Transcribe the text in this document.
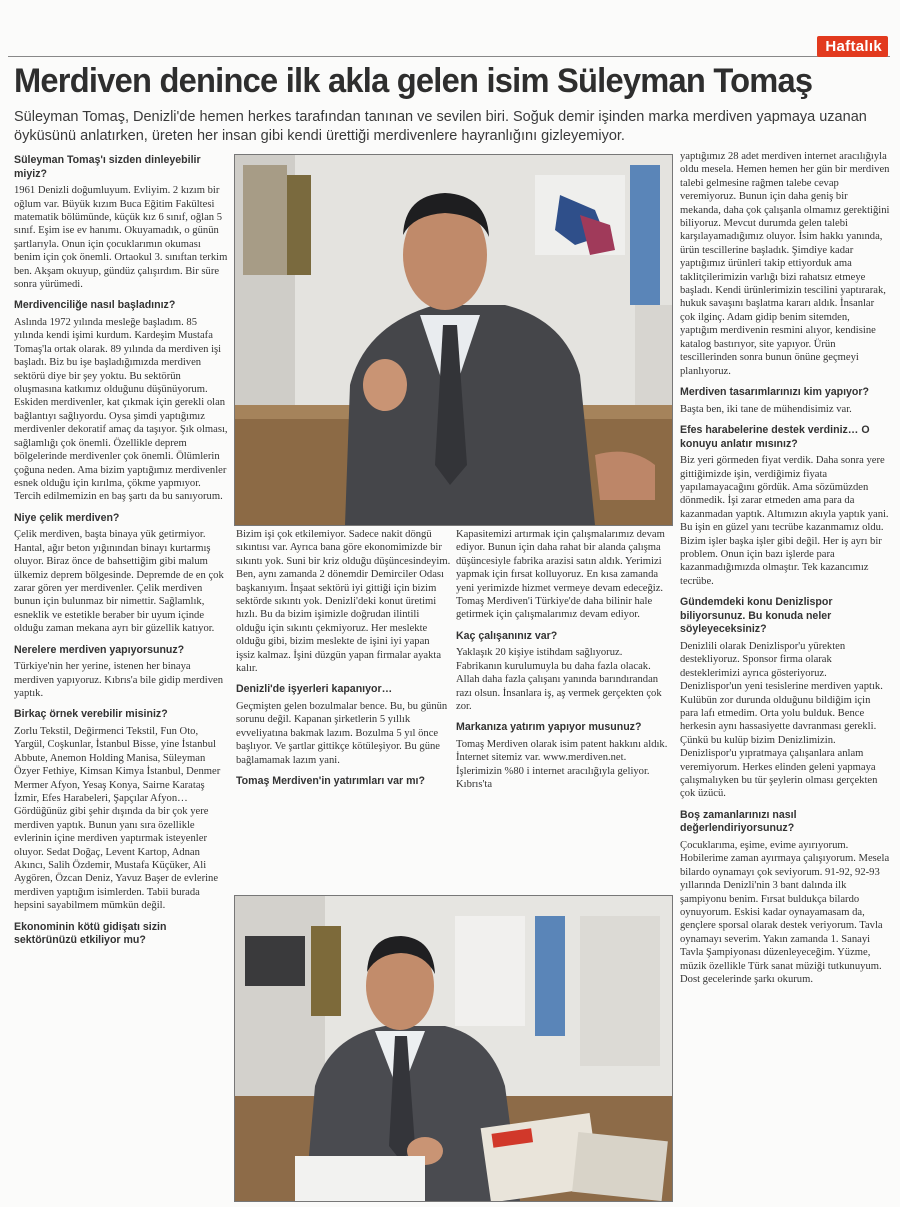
Haftalık
Merdiven denince ilk akla gelen isim Süleyman Tomaş

Süleyman Tomaş, Denizli'de hemen herkes tarafından tanınan ve sevilen biri. Soğuk demir işinden marka merdiven yapmaya uzanan öyküsünü anlatırken, üreten her insan gibi kendi ürettiği merdivenlere hayranlığını gizleyemiyor.

Süleyman Tomaş'ı sizden dinleyebilir miyiz?

1961 Denizli doğumluyum. Evliyim. 2 kızım bir oğlum var. Büyük kızım Buca Eğitim Fakültesi matematik bölümünde, küçük kız 6 sınıf, oğlan 5 sınıf. Eşim ise ev hanımı. Okuyamadık, o günün şartlarıyla. Onun için çocuklarımın okuması benim için çok önemli. Ortaokul 3. sınıftan terkim ben. Akşam okuyup, gündüz çalışırdım. Bir süre sonra yürümedi.

Merdivenciliğe nasıl başladınız?

Aslında 1972 yılında mesleğe başladım. 85 yılında kendi işimi kurdum. Kardeşim Mustafa Tomaş'la ortak olarak. 89 yılında da merdiven işi başladı. Biz bu işe başladığımızda merdiven sektörü diye bir şey yoktu. Bu sektörün oluşmasına katkımız olduğunu düşünüyorum. Eskiden merdivenler, kat çıkmak için gerekli olan bağlantıyı sağlıyordu. Oysa şimdi yaptığımız merdivenler dekoratif amaç da taşıyor. Şık olması, sağlamlığı çok önemli. Özellikle deprem bölgelerinde merdivenler çok önemli. Ölümlerin çoğuna neden. Ama bizim yaptığımız merdivenler esnek olduğu için kırılma, çökme yapmıyor. Tercih edilmemizin en baş şartı da bu sanıyorum.

Niye çelik merdiven?

Çelik merdiven, başta binaya yük getirmiyor. Hantal, ağır beton yığınından binayı kurtarmış oluyor. Biraz önce de bahsettiğim gibi malum ülkemiz deprem bölgesinde. Depremde de en çok zarar gören yer merdivenler. Çelik merdiven bunun için bulunmaz bir nimettir. Sağlamlık, esneklik ve estetikle beraber bir uyum içinde olduğu zaman mekana ayrı bir güzellik katıyor.

Nerelere merdiven yapıyorsunuz?

Türkiye'nin her yerine, istenen her binaya merdiven yapıyoruz. Kıbrıs'a bile gidip merdiven yaptık.

Birkaç örnek verebilir misiniz?

Zorlu Tekstil, Değirmenci Tekstil, Fun Oto, Yargül, Coşkunlar, İstanbul Bisse, yine İstanbul Abbute, Anemon Holding Manisa, Süleyman Özyer Fethiye, Kimsan Kimya İstanbul, Denmer Mermer Afyon, Yesaş Konya, Sairne Karataş İzmir, Efes Harabeleri, Şapçılar Afyon… Gördüğünüz gibi şehir dışında da bir çok yere merdiven yaptık. Bunun yanı sıra özellikle evlerinin içine merdiven yaptırmak isteyenler oluyor. Sedat Doğaç, Levent Kartop, Adnan Akıncı, Salih Özdemir, Mustafa Küçüker, Ali Aygören, Özcan Deniz, Yavuz Başer de evlerine merdiven yaptığım isimlerden. Tabii burada hepsini sayabilmem mümkün değil.

Ekonominin kötü gidişatı sizin sektörünüzü etkiliyor mu?

Bizim işi çok etkilemiyor. Sadece nakit döngü sıkıntısı var. Ayrıca bana göre ekonomimizde bir sıkıntı yok. Suni bir kriz olduğu düşüncesindeyim. Ben, aynı zamanda 2 dönemdir Demirciler Odası başkanıyım. İnşaat sektörü iyi gittiği için bizim sektörde sıkıntı yok. Denizli'deki konut üretimi hızlı. Bu da bizim işimizle doğrudan ilintili olduğu için sıkıntı çekmiyoruz. Her meslekte olduğu gibi, bizim meslekte de işini iyi yapan işsiz kalmaz. İşini düzgün yapan firmalar ayakta kalır.

Denizli'de işyerleri kapanıyor…

Geçmişten gelen bozulmalar bence. Bu, bu günün sorunu değil. Kapanan şirketlerin 5 yıllık evveliyatına bakmak lazım. Bozulma 5 yıl önce başlıyor. Ve şartlar gittikçe kötüleşiyor. Bu güne bağlamamak lazım yani.

Tomaş Merdiven'in yatırımları var mı?

Kapasitemizi artırmak için çalışmalarımız devam ediyor. Bunun için daha rahat bir alanda çalışma düşüncesiyle fabrika arazisi satın aldık. Yerimizi yapmak için fırsat kolluyoruz. En kısa zamanda yeni yerimizde hizmet vermeye devam edeceğiz. Tomaş Merdiven'i Türkiye'de daha bilinir hale getirmek için çalışmalarımız devam ediyor.

Kaç çalışanınız var?

Yaklaşık 20 kişiye istihdam sağlıyoruz. Fabrikanın kurulumuyla bu daha fazla olacak. Allah daha fazla çalışanı yanında barındırandan razı olsun. İnsanlara iş, aş vermek gerçekten çok zor.

Markanıza yatırım yapıyor musunuz?

Tomaş Merdiven olarak isim patent hakkını aldık. İnternet sitemiz var. www.merdiven.net. İşlerimizin %80 i internet aracılığıyla geliyor. Kıbrıs'ta

yaptığımız 28 adet merdiven internet aracılığıyla oldu mesela. Hemen hemen her gün bir merdiven talebi gelmesine rağmen talebe cevap veremiyoruz. Bunun için daha geniş bir mekanda, daha çok çalışanla olmamız gerektiğini biliyoruz. Mevcut durumda gelen talebi karşılayamadığımız oluyor. İsim hakkı yanında, ürün tescillerine başladık. Şimdiye kadar yaptığımız ürünleri takip ettiyorduk ama taklitçilerimizin varlığı bizi rahatsız etmeye başladı. Kendi ürünlerimizin tescilini yaptırarak, hukuk savaşını başlatma kararı aldık. İnsanlar çok ilginç. Adam gidip benim sitemden, yaptığım merdivenin resmini alıyor, kendisine katalog bastırıyor, site yapıyor. Ürün tescillerinden sonra bunun önüne geçmeyi planlıyoruz.

Merdiven tasarımlarınızı kim yapıyor?

Başta ben, iki tane de mühendisimiz var.

Efes harabelerine destek verdiniz… O konuyu anlatır mısınız?

Biz yeri görmeden fiyat verdik. Daha sonra yere gittiğimizde işin, verdiğimiz fiyata yapılamayacağını gördük. Ama sözümüzden dönmedik. İşi zarar etmeden ama para da kazanmadan yaptık. Altımızın akıyla yaptık yani. Bu işin en güzel yanı tecrübe kazanmamız oldu. Bizim işler başka işler gibi değil. Her iş ayrı bir problem. Onun için bazı işlerde para kazanmadığımızda olmaştır. Tek kazancımız tecrübe.

Gündemdeki konu Denizlispor biliyorsunuz. Bu konuda neler söyleyeceksiniz?

Denizlili olarak Denizlispor'u yürekten destekliyoruz. Sponsor firma olarak desteklerimizi ayrıca gösteriyoruz. Denizlispor'un yeni tesislerine merdiven yaptık. Kulübün zor durunda olduğunu bildiğim için para lafı etmedim. Orta yolu bulduk. Bence herkesin aynı hassasiyette davranması gerekli. Çünkü bu kulüp bizim Denizlimizin. Denizlispor'u yıpratmaya çalışanlara anlam veremiyorum. Herkes elinden geleni yapmaya çalışmalıyken bu tür şeylerin olması gerçekten çok üzücü.

Boş zamanlarınızı nasıl değerlendiriyorsunuz?

Çocuklarıma, eşime, evime ayırıyorum. Hobilerime zaman ayırmaya çalışıyorum. Mesela bilardo oynamayı çok seviyorum. 91-92, 92-93 yıllarında Denizli'nin 3 bant dalında ilk şampiyonu benim. Fırsat buldukça bilardo oynuyorum. Eskisi kadar oynayamasam da, gençlere sporsal olarak destek veriyorum. Tavla oynamayı severim. Yakın zamanda 1. Sanayi Tavla Şampiyonası düzenleyeceğim. Yüzme, müzik özellikle Türk sanat müziği tutkunuyum. Dost gecelerinde şarkı okurum.
